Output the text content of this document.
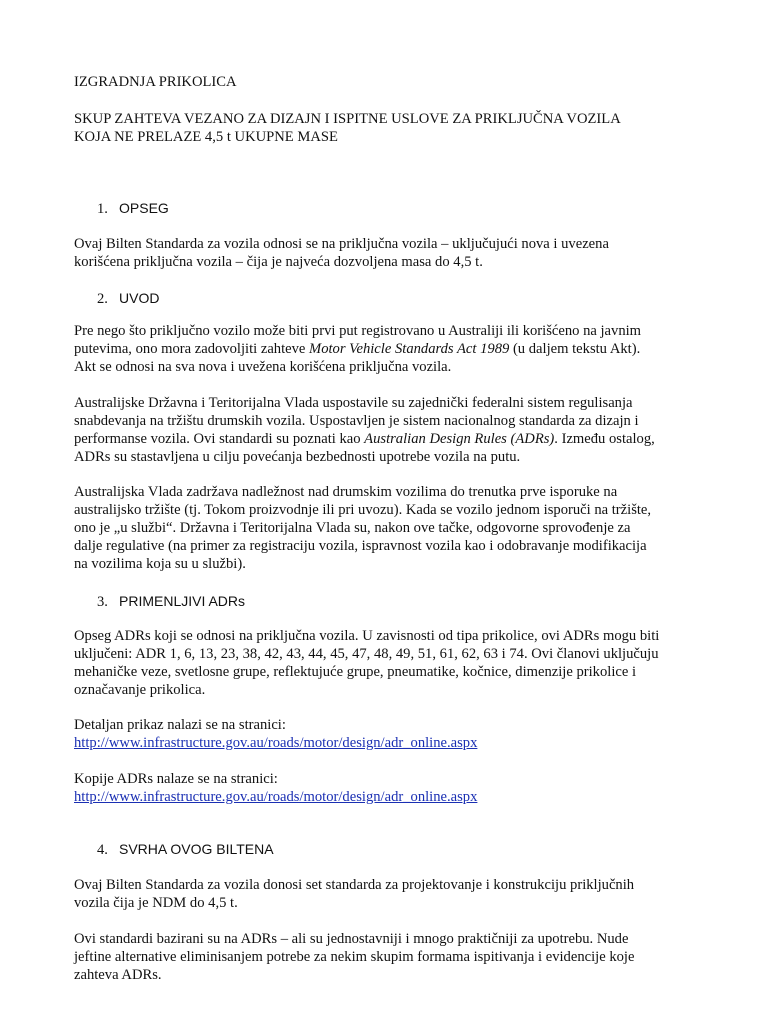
IZGRADNJA PRIKOLICA

SKUP ZAHTEVA VEZANO ZA DIZAJN I ISPITNE USLOVE ZA PRIKLJUČNA VOZILA
KOJA NE PRELAZE 4,5 t UKUPNE MASE

1. OPSEG

Ovaj Bilten Standarda za vozila odnosi se na priključna vozila – uključujući nova i uvezena
korišćena priključna vozila – čija je najveća dozvoljena masa do 4,5 t.

2. UVOD

Pre nego što priključno vozilo može biti prvi put registrovano u Australiji ili korišćeno na javnim
putevima, ono mora zadovoljiti zahteve Motor Vehicle Standards Act 1989 (u daljem tekstu Akt).
Akt se odnosi na sva nova i uvežena korišćena priključna vozila.

Australijske Državna i Teritorijalna Vlada uspostavile su zajednički federalni sistem regulisanja
snabdevanja na tržištu drumskih vozila. Uspostavljen je sistem nacionalnog standarda za dizajn i
performanse vozila. Ovi standardi su poznati kao Australian Design Rules (ADRs). Između ostalog,
ADRs su stastavljena u cilju povećanja bezbednosti upotrebe vozila na putu.

Australijska Vlada zadržava nadležnost nad drumskim vozilima do trenutka prve isporuke na
australijsko tržište (tj. Tokom proizvodnje ili pri uvozu). Kada se vozilo jednom isporuči na tržište,
ono je „u službi“. Državna i Teritorijalna Vlada su, nakon ove tačke, odgovorne sprovođenje za
dalje regulative (na primer za registraciju vozila, ispravnost vozila kao i odobravanje modifikacija
na vozilima koja su u službi).

3. PRIMENLJIVI ADRs

Opseg ADRs koji se odnosi na priključna vozila. U zavisnosti od tipa prikolice, ovi ADRs mogu biti
uključeni: ADR 1, 6, 13, 23, 38, 42, 43, 44, 45, 47, 48, 49, 51, 61, 62, 63 i 74. Ovi članovi uključuju
mehaničke veze, svetlosne grupe, reflektujuće grupe, pneumatike, kočnice, dimenzije prikolice i
označavanje prikolica.

Detaljan prikaz nalazi se na stranici:
http://www.infrastructure.gov.au/roads/motor/design/adr_online.aspx

Kopije ADRs nalaze se na stranici:
http://www.infrastructure.gov.au/roads/motor/design/adr_online.aspx

4. SVRHA OVOG BILTENA

Ovaj Bilten Standarda za vozila donosi set standarda za projektovanje i konstrukciju priključnih
vozila čija je NDM do 4,5 t.

Ovi standardi bazirani su na ADRs – ali su jednostavniji i mnogo praktičniji za upotrebu. Nude
jeftine alternative eliminisanjem potrebe za nekim skupim formama ispitivanja i evidencije koje
zahteva ADRs.
